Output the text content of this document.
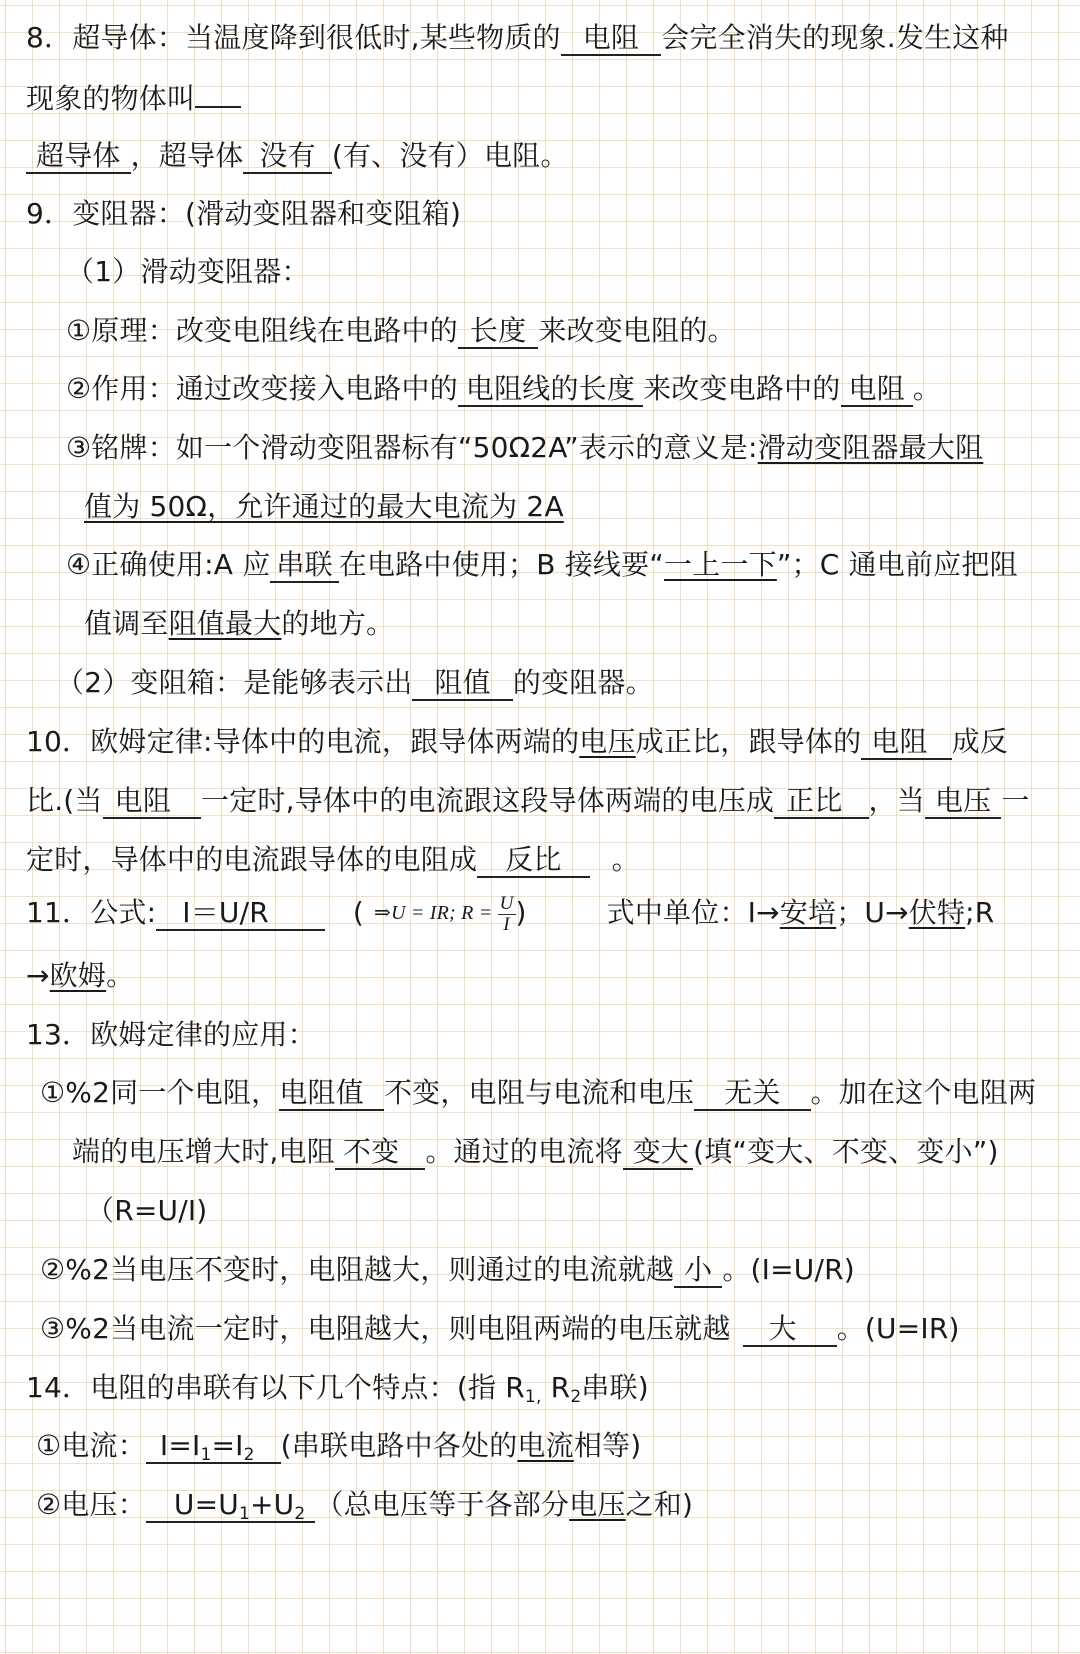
8．超导体：当温度降到很低时,某些物质的 电阻 会完全消失的现象.发生这种
现象的物体叫
超导体 ，超导体 没有 (有、没有）电阻。
9．变阻器：(滑动变阻器和变阻箱)
（1）滑动变阻器：
①原理：改变电阻线在电路中的 长度 来改变电阻的。
②作用：通过改变接入电路中的 电阻线的长度 来改变电路中的 电阻 。
③铭牌：如一个滑动变阻器标有“50Ω2A”表示的意义是:滑动变阻器最大阻
值为 50Ω，允许通过的最大电流为 2A
④正确使用:A 应 串联 在电路中使用；B 接线要“一上一下”；C 通电前应把阻
值调至阻值最大的地方。
（2）变阻箱：是能够表示出 阻值 的变阻器。
10．欧姆定律:导体中的电流，跟导体两端的电压成正比，跟导体的 电阻 成反
比.(当 电阻 一定时,导体中的电流跟这段导体两端的电压成 正比 ，当 电压 一
定时，导体中的电流跟导体的电阻成 反比 。
11．公式: I＝U/R	( ⇒U = IR; $R = \frac{U}{I}$ )	式中单位：I→安培；U→伏特;R
→欧姆。
13．欧姆定律的应用：
①%2同一个电阻，电阻值 不变，电阻与电流和电压 无关 。加在这个电阻两
端的电压增大时,电阻 不变 。通过的电流将 变大 (填“变大、不变、变小”)
（R=U/I)
②%2当电压不变时，电阻越大，则通过的电流就越 小 。(I=U/R)
③%2当电流一定时，电阻越大，则电阻两端的电压就越 大 。(U=IR)
14．电阻的串联有以下几个特点：(指 $R_{1,}$ $R_2$串联)
①电流： $I=I_1=I_2$ (串联电路中各处的电流相等)
②电压： $U=U_1+U_2$ （总电压等于各部分电压之和)
